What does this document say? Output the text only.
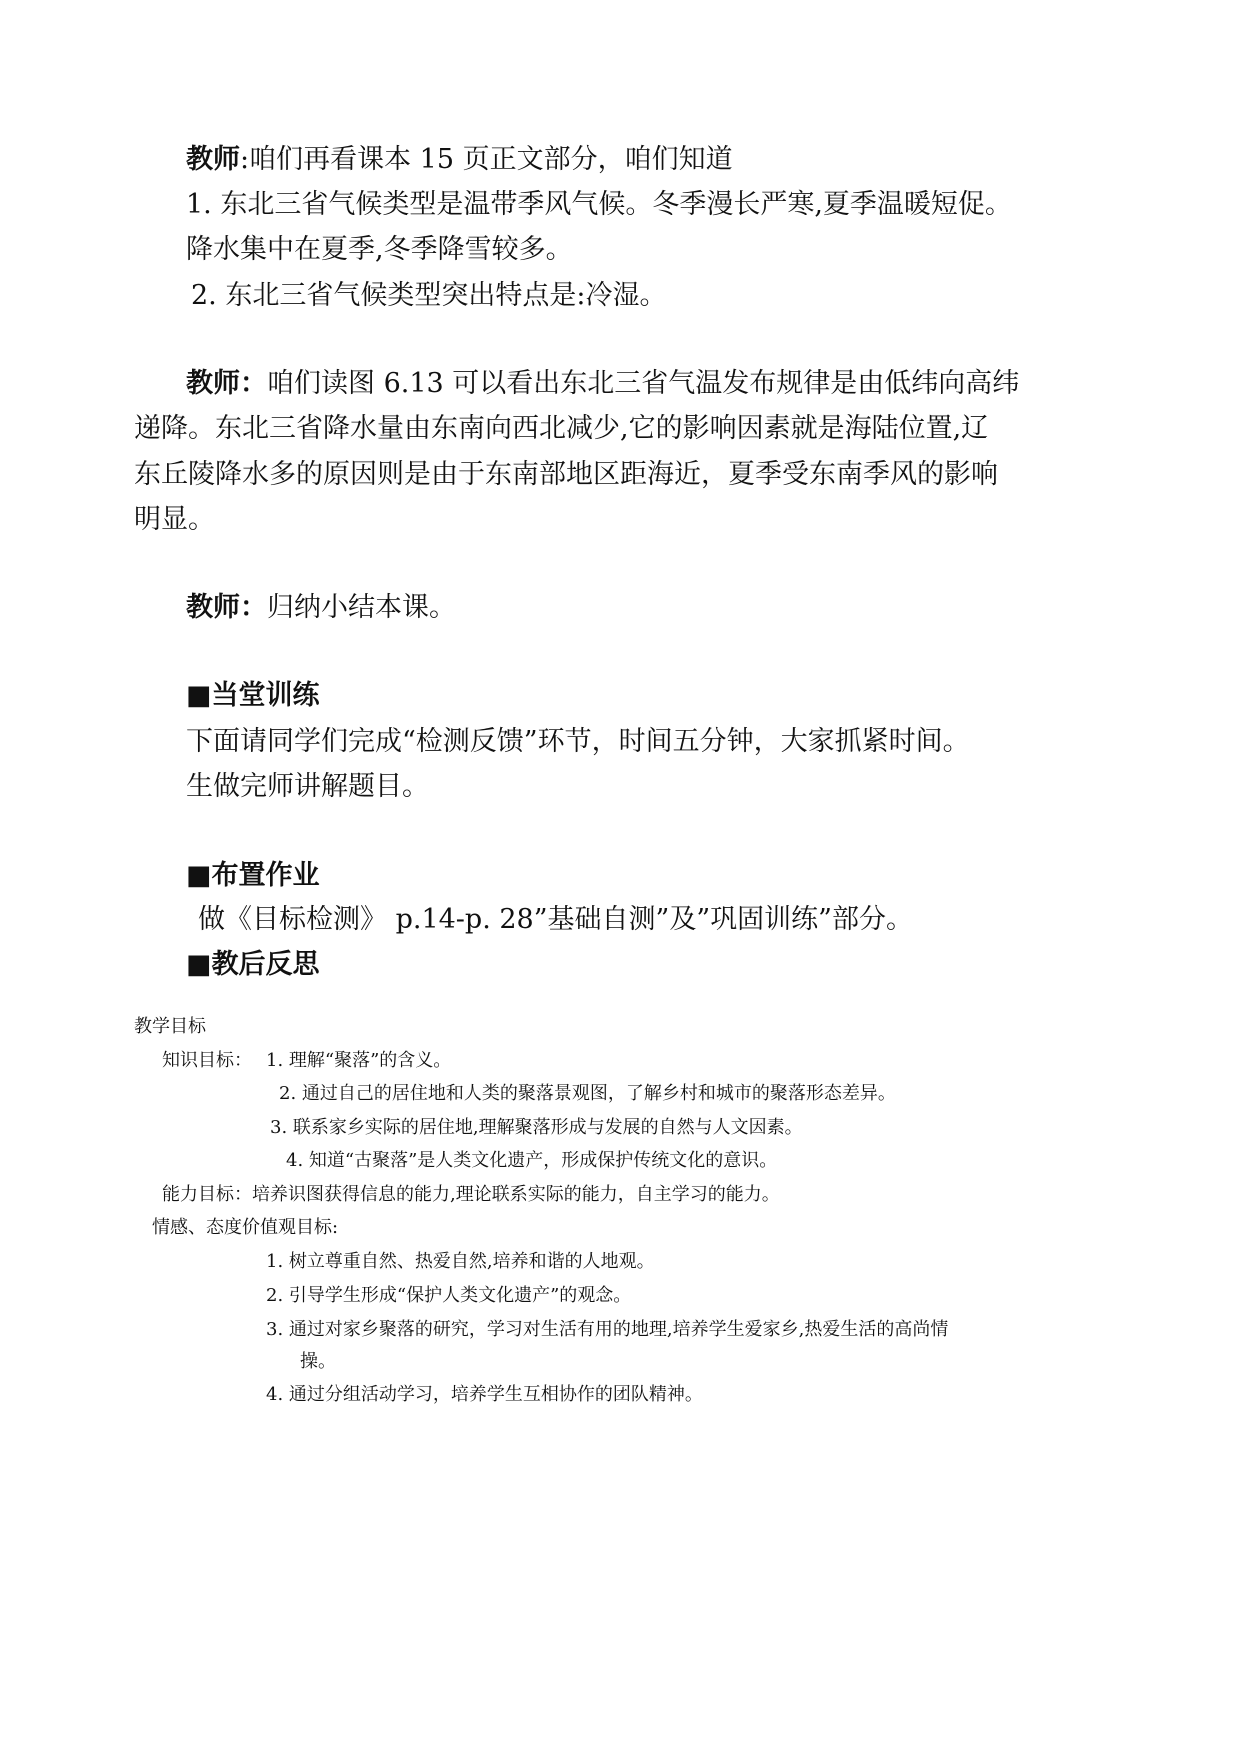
教师:咱们再看课本 15 页正文部分，咱们知道

1. 东北三省气候类型是温带季风气候。冬季漫长严寒,夏季温暖短促。

降水集中在夏季,冬季降雪较多。

2. 东北三省气候类型突出特点是:冷湿。

教师：咱们读图 6.13 可以看出东北三省气温发布规律是由低纬向高纬

递降。东北三省降水量由东南向西北减少,它的影响因素就是海陆位置,辽

东丘陵降水多的原因则是由于东南部地区距海近，夏季受东南季风的影响

明显。

教师：归纳小结本课。

■当堂训练

下面请同学们完成“检测反馈”环节，时间五分钟，大家抓紧时间。

生做完师讲解题目。

■布置作业

做《目标检测》 p.14-p. 28”基础自测”及”巩固训练”部分。

■教后反思

教学目标

知识目标： 1. 理解“聚落”的含义。

2. 通过自己的居住地和人类的聚落景观图，了解乡村和城市的聚落形态差异。

3. 联系家乡实际的居住地,理解聚落形成与发展的自然与人文因素。

4. 知道“古聚落”是人类文化遗产，形成保护传统文化的意识。

能力目标：培养识图获得信息的能力,理论联系实际的能力，自主学习的能力。

情感、态度价值观目标:

1. 树立尊重自然、热爱自然,培养和谐的人地观。

2. 引导学生形成“保护人类文化遗产”的观念。

3. 通过对家乡聚落的研究，学习对生活有用的地理,培养学生爱家乡,热爱生活的高尚情

操。

4. 通过分组活动学习，培养学生互相协作的团队精神。
